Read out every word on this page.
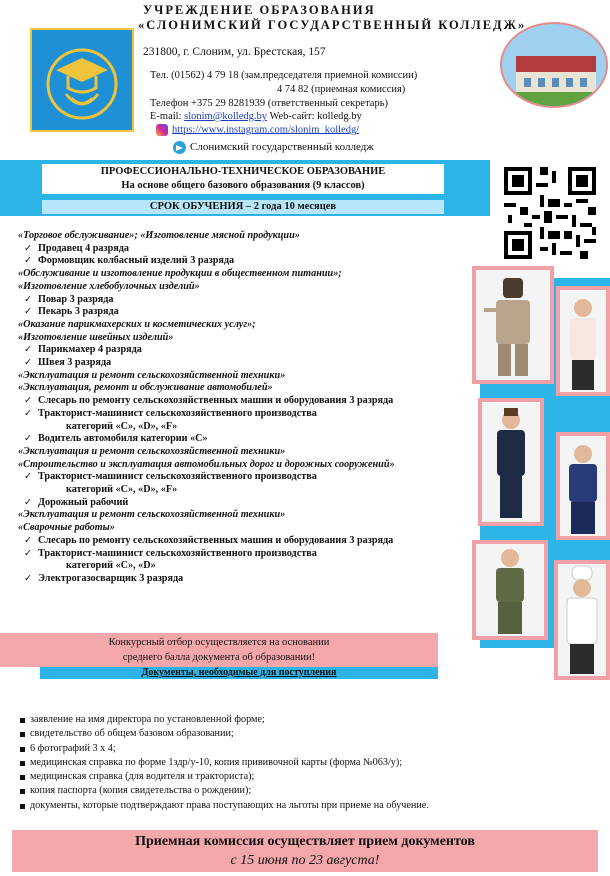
УЧРЕЖДЕНИЕ ОБРАЗОВАНИЯ
«СЛОНИМСКИЙ ГОСУДАРСТВЕННЫЙ КОЛЛЕДЖ»
231800, г. Слоним, ул. Брестская, 157
Тел. (01562) 4 79 18 (зам.председателя приемной комиссии)
4 74 82 (приемная комиссия)
Телефон +375 29 8281939 (ответственный секретарь)
E-mail: slonim@kolledg.by Web-сайт: kolledg.by
https://www.instagram.com/slonim_kolledg/
Слонимский государственный колледж
ПРОФЕССИОНАЛЬНО-ТЕХНИЧЕСКОЕ ОБРАЗОВАНИЕ
На основе общего базового образования (9 классов)
СРОК ОБУЧЕНИЯ – 2 года 10 месяцев
«Торговое обслуживание»; «Изготовление мясной продукции»
✓ Продавец 4 разряда
✓ Формовщик колбасный изделий 3 разряда
«Обслуживание и изготовление продукции в общественном питании»;
«Изготовление хлебобулочных изделий»
✓ Повар 3 разряда
✓ Пекарь 3 разряда
«Оказание парикмахерских и косметических услуг»;
«Изготовление швейных изделий»
✓ Парикмахер 4 разряда
✓ Швея 3 разряда
«Эксплуатация и ремонт сельскохозяйственной техники»
«Эксплуатация, ремонт и обслуживание автомобилей»
✓ Слесарь по ремонту сельскохозяйственных машин и оборудования 3 разряда
✓ Тракторист-машинист сельскохозяйственного производства
категорий «С», «D», «F»
✓ Водитель автомобиля категории «С»
«Эксплуатация и ремонт сельскохозяйственной техники»
«Строительство и эксплуатация автомобильных дорог и дорожных сооружений»
✓ Тракторист-машинист сельскохозяйственного производства
категорий «С», «D», «F»
✓ Дорожный рабочий
«Эксплуатация и ремонт сельскохозяйственной техники»
«Сварочные работы»
✓ Слесарь по ремонту сельскохозяйственных машин и оборудования 3 разряда
✓ Тракторист-машинист сельскохозяйственного производства
категорий «С», «D»
✓ Электрогазосварщик 3 разряда
Конкурсный отбор осуществляется на основании
среднего балла документа об образовании!
Документы, необходимые для поступления
заявление на имя директора по установленной форме;
свидетельство об общем базовом образовании;
6 фотографий 3 х 4;
медицинская справка по форме 1здр/у-10, копия прививочной карты (форма №063/у);
медицинская справка (для водителя и тракториста);
копия паспорта (копия свидетельства о рождении);
документы, которые подтверждают права поступающих на льготы при приеме на обучение.
Приемная комиссия осуществляет прием документов
с 15 июня по 23 августа!
